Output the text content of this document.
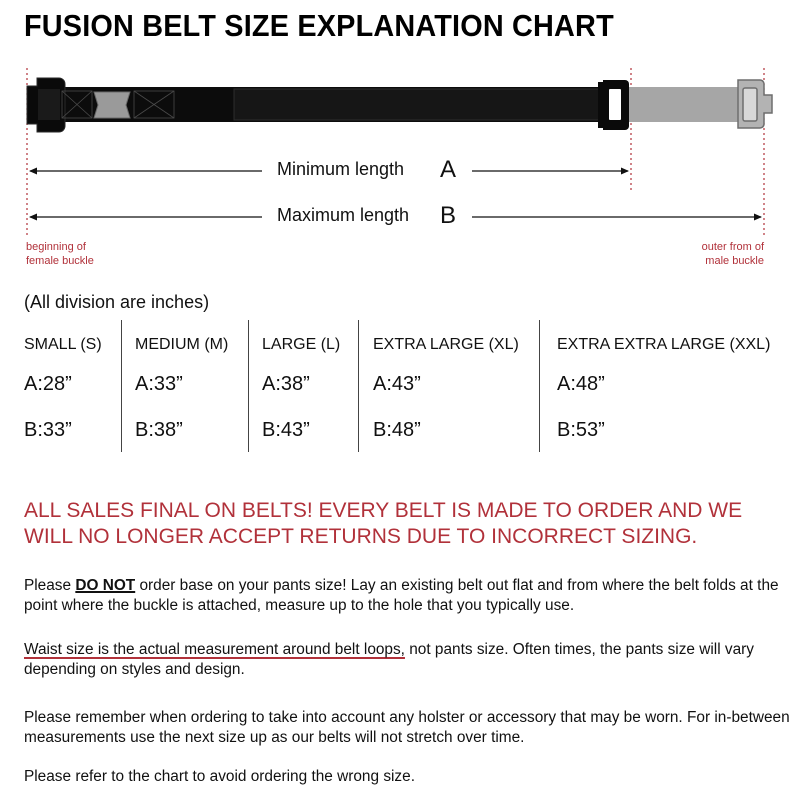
FUSION BELT SIZE EXPLANATION CHART
Minimum length A
Maximum length B
beginning of
female buckle
outer from of
male buckle
(All division are inches)
SMALL (S)
A:28”
B:33”
MEDIUM (M)
A:33”
B:38”
LARGE (L)
A:38”
B:43”
EXTRA LARGE (XL)
A:43”
B:48”
EXTRA EXTRA LARGE (XXL)
A:48”
B:53”
ALL SALES FINAL ON BELTS! EVERY BELT IS MADE TO ORDER AND WE
WILL NO LONGER ACCEPT RETURNS DUE TO INCORRECT SIZING.
Please DO NOT order base on your pants size! Lay an existing belt out flat and from where the belt folds at the point where the buckle is attached, measure up to the hole that you typically use.
Waist size is the actual measurement around belt loops, not pants size. Often times, the pants size will vary depending on styles and design.
Please remember when ordering to take into account any holster or accessory that may be worn. For in-between measurements use the next size up as our belts will not stretch over time.
Please refer to the chart to avoid ordering the wrong size.
